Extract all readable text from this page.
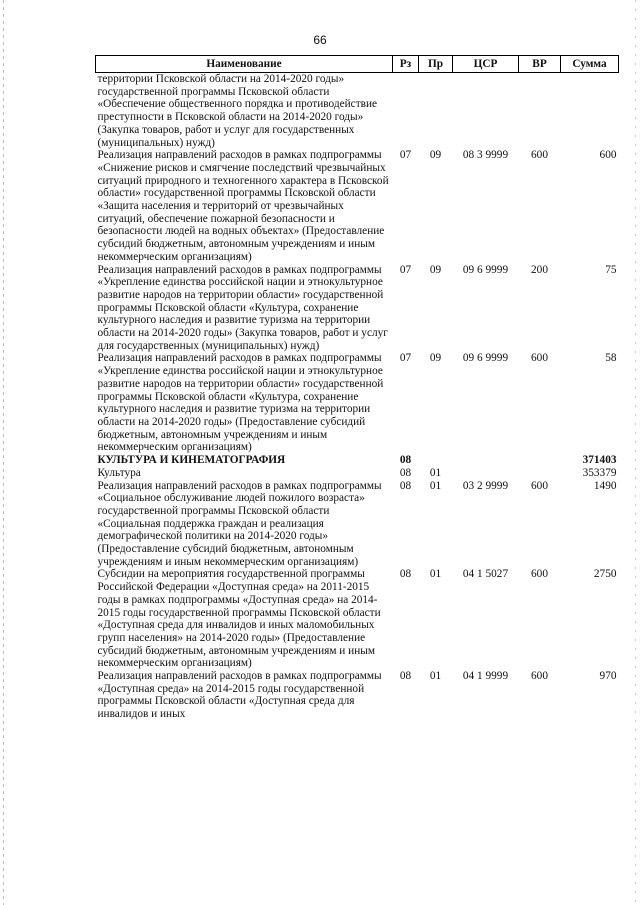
66
Наименование	Рз	Пр	ЦСР	ВР	Сумма
территории Псковской области на 2014-2020 годы» государственной программы Псковской области «Обеспечение общественного порядка и противодействие преступности в Псковской области на 2014-2020 годы» (Закупка товаров, работ и услуг для государственных (муниципальных) нужд)					
Реализация направлений расходов в рамках подпрограммы «Снижение рисков и смягчение последствий чрезвычайных ситуаций природного и техногенного характера в Псковской области» государственной программы Псковской области «Защита населения и территорий от чрезвычайных ситуаций, обеспечение пожарной безопасности и безопасности людей на водных объектах» (Предоставление субсидий бюджетным, автономным учреждениям и иным некоммерческим организациям)	07	09	08 3 9999	600	600
Реализация направлений расходов в рамках подпрограммы «Укрепление единства российской нации и этнокультурное развитие народов на территории области» государственной программы Псковской области «Культура, сохранение культурного наследия и развитие туризма на территории области на 2014-2020 годы» (Закупка товаров, работ и услуг для государственных (муниципальных) нужд)	07	09	09 6 9999	200	75
Реализация направлений расходов в рамках подпрограммы «Укрепление единства российской нации и этнокультурное развитие народов на территории области» государственной программы Псковской области «Культура, сохранение культурного наследия и развитие туризма на территории области на 2014-2020 годы» (Предоставление субсидий бюджетным, автономным учреждениям и иным некоммерческим организациям)	07	09	09 6 9999	600	58
КУЛЬТУРА И КИНЕМАТОГРАФИЯ	08				371403
Культура	08	01			353379
Реализация направлений расходов в рамках подпрограммы «Социальное обслуживание людей пожилого возраста» государственной программы Псковской области «Социальная поддержка граждан и реализация демографической политики на 2014-2020 годы» (Предоставление субсидий бюджетным, автономным учреждениям и иным некоммерческим организациям)	08	01	03 2 9999	600	1490
Субсидии на мероприятия государственной программы Российской Федерации «Доступная среда» на 2011-2015 годы в рамках подпрограммы «Доступная среда» на 2014-2015 годы государственной программы Псковской области «Доступная среда для инвалидов и иных маломобильных групп населения» на 2014-2020 годы» (Предоставление субсидий бюджетным, автономным учреждениям и иным некоммерческим организациям)	08	01	04 1 5027	600	2750
Реализация направлений расходов в рамках подпрограммы «Доступная среда» на 2014-2015 годы государственной программы Псковской области «Доступная среда для инвалидов и иных	08	01	04 1 9999	600	970
